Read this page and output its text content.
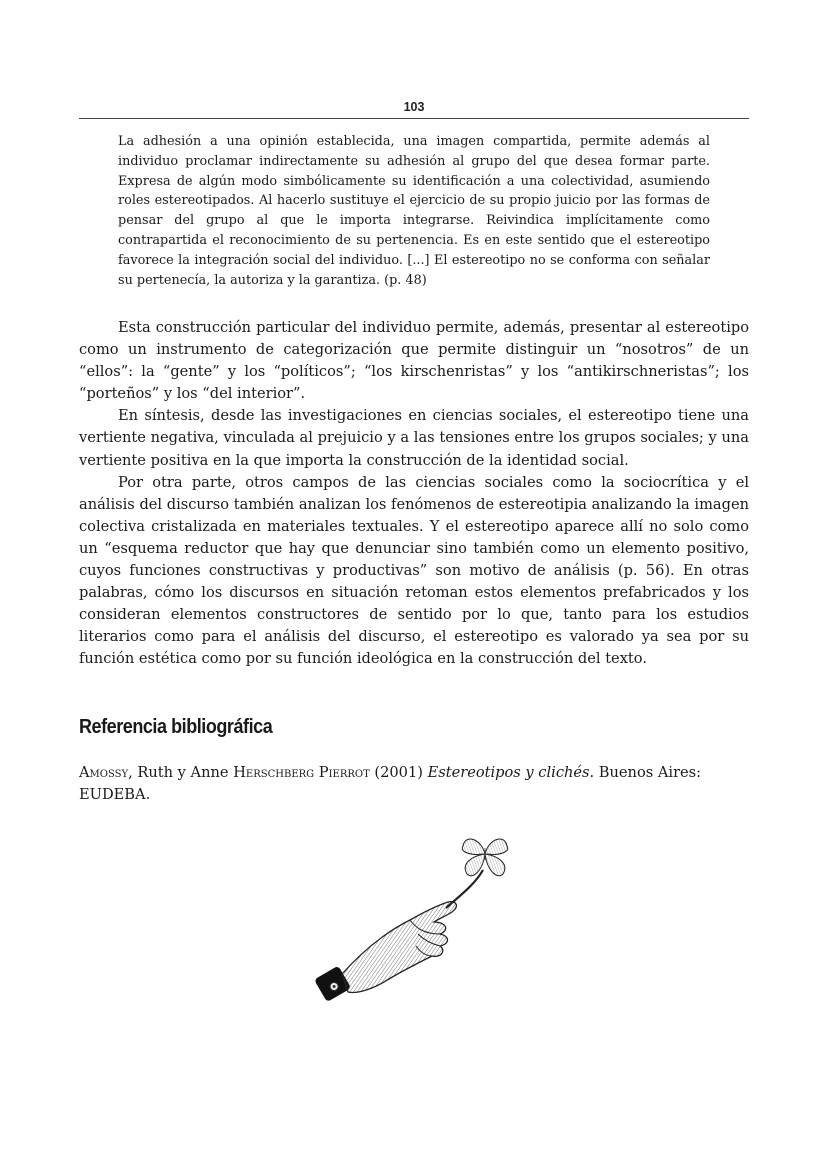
103

La adhesión a una opinión establecida, una imagen compartida, permite además al individuo proclamar indirectamente su adhesión al grupo del que desea formar parte. Expresa de algún modo simbólicamente su identificación a una colectividad, asumiendo roles estereotipados. Al hacerlo sustituye el ejercicio de su propio juicio por las formas de pensar del grupo al que le importa integrarse. Reivindica implícitamente como contrapartida el reconocimiento de su pertenencia. Es en este sentido que el estereotipo favorece la integración social del individuo. [...] El estereotipo no se conforma con señalar su pertenecía, la autoriza y la garantiza. (p. 48)

Esta construcción particular del individuo permite, además, presentar al estereotipo como un instrumento de categorización que permite distinguir un “nosotros” de un “ellos”: la “gente” y los “políticos”; “los kirschenristas” y los “antikirschneristas”; los “porteños” y los “del interior”.

En síntesis, desde las investigaciones en ciencias sociales, el estereotipo tiene una vertiente negativa, vinculada al prejuicio y a las tensiones entre los grupos sociales; y una vertiente positiva en la que importa la construcción de la identidad social.

Por otra parte, otros campos de las ciencias sociales como la sociocrítica y el análisis del discurso también analizan los fenómenos de estereotipia analizando la imagen colectiva cristalizada en materiales textuales. Y el estereotipo aparece allí no solo como un “esquema reductor que hay que denunciar sino también como un elemento positivo, cuyos funciones constructivas y productivas” son motivo de análisis (p. 56). En otras palabras, cómo los discursos en situación retoman estos elementos prefabricados y los consideran elementos constructores de sentido por lo que, tanto para los estudios literarios como para el análisis del discurso, el estereotipo es valorado ya sea por su función estética como por su función ideológica en la construcción del texto.

Referencia bibliográfica
Amossy, Ruth y Anne Herschberg Pierrot (2001) Estereotipos y clichés. Buenos Aires: EUDEBA.
